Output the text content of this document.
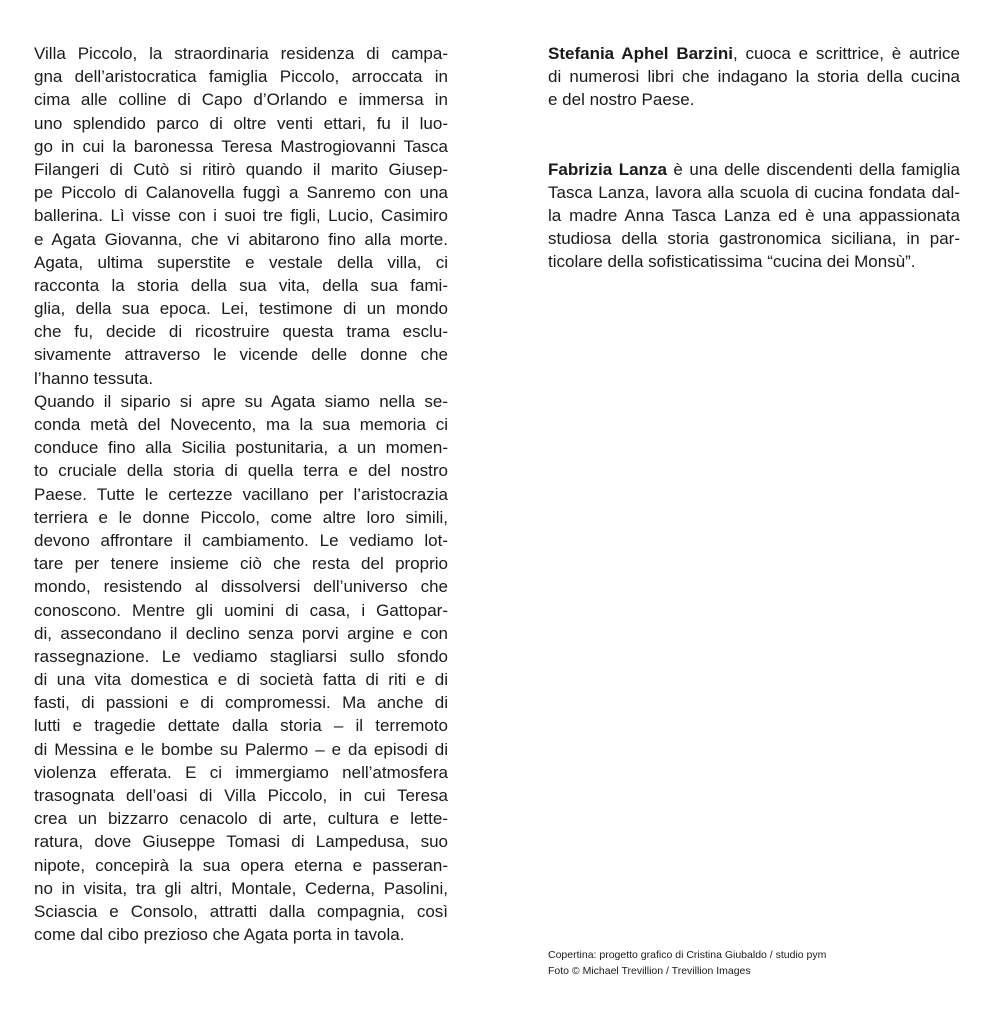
Villa Piccolo, la straordinaria residenza di campa-
gna dell’aristocratica famiglia Piccolo, arroccata in
cima alle colline di Capo d’Orlando e immersa in
uno splendido parco di oltre venti ettari, fu il luo-
go in cui la baronessa Teresa Mastrogiovanni Tasca
Filangeri di Cutò si ritirò quando il marito Giusep-
pe Piccolo di Calanovella fuggì a Sanremo con una
ballerina. Lì visse con i suoi tre figli, Lucio, Casimiro
e Agata Giovanna, che vi abitarono fino alla morte.
Agata, ultima superstite e vestale della villa, ci
racconta la storia della sua vita, della sua fami-
glia, della sua epoca. Lei, testimone di un mondo
che fu, decide di ricostruire questa trama esclu-
sivamente attraverso le vicende delle donne che
l’hanno tessuta.
Quando il sipario si apre su Agata siamo nella se-
conda metà del Novecento, ma la sua memoria ci
conduce fino alla Sicilia postunitaria, a un momen-
to cruciale della storia di quella terra e del nostro
Paese. Tutte le certezze vacillano per l’aristocrazia
terriera e le donne Piccolo, come altre loro simili,
devono affrontare il cambiamento. Le vediamo lot-
tare per tenere insieme ciò che resta del proprio
mondo, resistendo al dissolversi dell’universo che
conoscono. Mentre gli uomini di casa, i Gattopar-
di, assecondano il declino senza porvi argine e con
rassegnazione. Le vediamo stagliarsi sullo sfondo
di una vita domestica e di società fatta di riti e di
fasti, di passioni e di compromessi. Ma anche di
lutti e tragedie dettate dalla storia – il terremoto
di Messina e le bombe su Palermo – e da episodi di
violenza efferata. E ci immergiamo nell’atmosfera
trasognata dell’oasi di Villa Piccolo, in cui Teresa
crea un bizzarro cenacolo di arte, cultura e lette-
ratura, dove Giuseppe Tomasi di Lampedusa, suo
nipote, concepirà la sua opera eterna e passeran-
no in visita, tra gli altri, Montale, Cederna, Pasolini,
Sciascia e Consolo, attratti dalla compagnia, così
come dal cibo prezioso che Agata porta in tavola.
Stefania Aphel Barzini, cuoca e scrittrice, è autrice
di numerosi libri che indagano la storia della cucina
e del nostro Paese.
Fabrizia Lanza è una delle discendenti della famiglia
Tasca Lanza, lavora alla scuola di cucina fondata dal-
la madre Anna Tasca Lanza ed è una appassionata
studiosa della storia gastronomica siciliana, in par-
ticolare della sofisticatissima “cucina dei Monsù”.
Copertina: progetto grafico di Cristina Giubaldo / studio pym
Foto © Michael Trevillion / Trevillion Images
